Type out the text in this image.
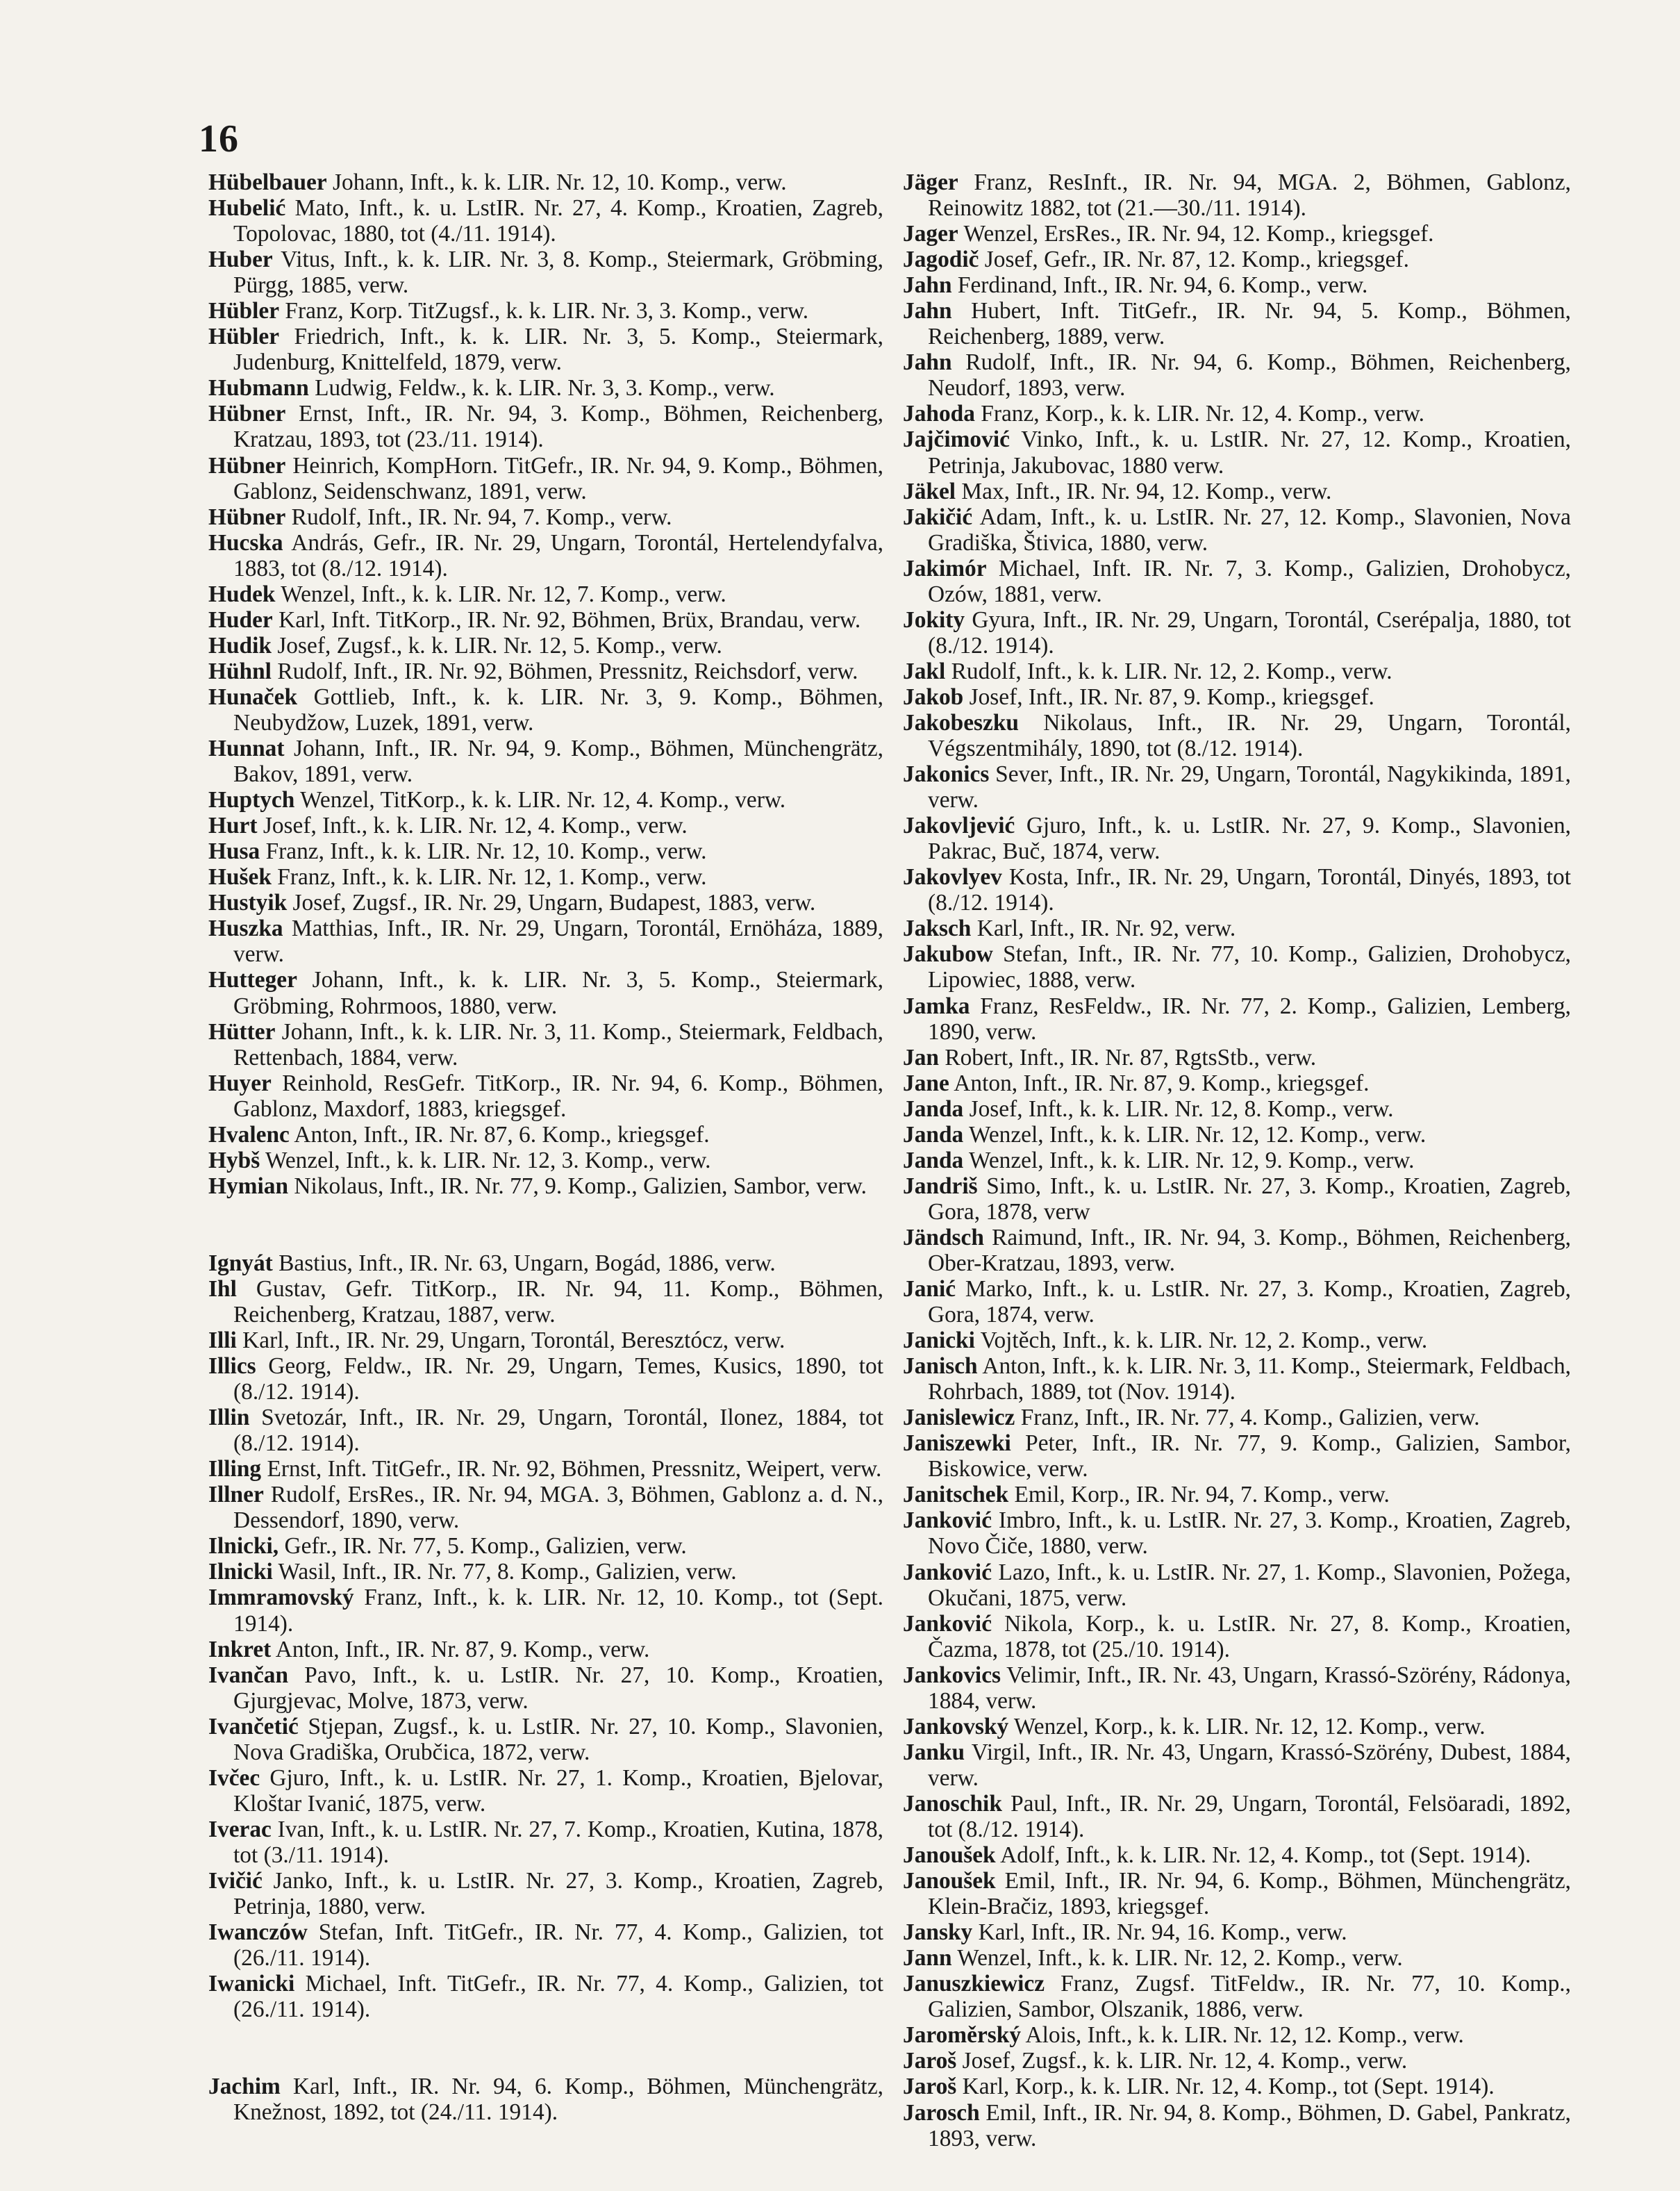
16

Hübelbauer Johann, Inft., k. k. LIR. Nr. 12, 10. Komp., verw.

Hubelić Mato, Inft., k. u. LstIR. Nr. 27, 4. Komp., Kroatien, Zagreb, Topolovac, 1880, tot (4./11. 1914).

Huber Vitus, Inft., k. k. LIR. Nr. 3, 8. Komp., Steiermark, Gröbming, Pürgg, 1885, verw.

Hübler Franz, Korp. TitZugsf., k. k. LIR. Nr. 3, 3. Komp., verw.

Hübler Friedrich, Inft., k. k. LIR. Nr. 3, 5. Komp., Steiermark, Judenburg, Knittelfeld, 1879, verw.

Hubmann Ludwig, Feldw., k. k. LIR. Nr. 3, 3. Komp., verw.

Hübner Ernst, Inft., IR. Nr. 94, 3. Komp., Böhmen, Reichenberg, Kratzau, 1893, tot (23./11. 1914).

Hübner Heinrich, KompHorn. TitGefr., IR. Nr. 94, 9. Komp., Böhmen, Gablonz, Seidenschwanz, 1891, verw.

Hübner Rudolf, Inft., IR. Nr. 94, 7. Komp., verw.

Hucska András, Gefr., IR. Nr. 29, Ungarn, Torontál, Hertelendyfalva, 1883, tot (8./12. 1914).

Hudek Wenzel, Inft., k. k. LIR. Nr. 12, 7. Komp., verw.

Huder Karl, Inft. TitKorp., IR. Nr. 92, Böhmen, Brüx, Brandau, verw.

Hudik Josef, Zugsf., k. k. LIR. Nr. 12, 5. Komp., verw.

Hühnl Rudolf, Inft., IR. Nr. 92, Böhmen, Pressnitz, Reichsdorf, verw.

Hunaček Gottlieb, Inft., k. k. LIR. Nr. 3, 9. Komp., Böhmen, Neubydžow, Luzek, 1891, verw.

Hunnat Johann, Inft., IR. Nr. 94, 9. Komp., Böhmen, Münchengrätz, Bakov, 1891, verw.

Huptych Wenzel, TitKorp., k. k. LIR. Nr. 12, 4. Komp., verw.

Hurt Josef, Inft., k. k. LIR. Nr. 12, 4. Komp., verw.

Husa Franz, Inft., k. k. LIR. Nr. 12, 10. Komp., verw.

Hušek Franz, Inft., k. k. LIR. Nr. 12, 1. Komp., verw.

Hustyik Josef, Zugsf., IR. Nr. 29, Ungarn, Budapest, 1883, verw.

Huszka Matthias, Inft., IR. Nr. 29, Ungarn, Torontál, Ernöháza, 1889, verw.

Hutteger Johann, Inft., k. k. LIR. Nr. 3, 5. Komp., Steiermark, Gröbming, Rohrmoos, 1880, verw.

Hütter Johann, Inft., k. k. LIR. Nr. 3, 11. Komp., Steiermark, Feldbach, Rettenbach, 1884, verw.

Huyer Reinhold, ResGefr. TitKorp., IR. Nr. 94, 6. Komp., Böhmen, Gablonz, Maxdorf, 1883, kriegsgef.

Hvalenc Anton, Inft., IR. Nr. 87, 6. Komp., kriegsgef.

Hybš Wenzel, Inft., k. k. LIR. Nr. 12, 3. Komp., verw.

Hymian Nikolaus, Inft., IR. Nr. 77, 9. Komp., Galizien, Sambor, verw.

Ignyát Bastius, Inft., IR. Nr. 63, Ungarn, Bogád, 1886, verw.

Ihl Gustav, Gefr. TitKorp., IR. Nr. 94, 11. Komp., Böhmen, Reichenberg, Kratzau, 1887, verw.

Illi Karl, Inft., IR. Nr. 29, Ungarn, Torontál, Beresztócz, verw.

Illics Georg, Feldw., IR. Nr. 29, Ungarn, Temes, Kusics, 1890, tot (8./12. 1914).

Illin Svetozár, Inft., IR. Nr. 29, Ungarn, Torontál, Ilonez, 1884, tot (8./12. 1914).

Illing Ernst, Inft. TitGefr., IR. Nr. 92, Böhmen, Pressnitz, Weipert, verw.

Illner Rudolf, ErsRes., IR. Nr. 94, MGA. 3, Böhmen, Gablonz a. d. N., Dessendorf, 1890, verw.

Ilnicki, Gefr., IR. Nr. 77, 5. Komp., Galizien, verw.

Ilnicki Wasil, Inft., IR. Nr. 77, 8. Komp., Galizien, verw.

Immramovský Franz, Inft., k. k. LIR. Nr. 12, 10. Komp., tot (Sept. 1914).

Inkret Anton, Inft., IR. Nr. 87, 9. Komp., verw.

Ivančan Pavo, Inft., k. u. LstIR. Nr. 27, 10. Komp., Kroatien, Gjurgjevac, Molve, 1873, verw.

Ivančetić Stjepan, Zugsf., k. u. LstIR. Nr. 27, 10. Komp., Slavonien, Nova Gradiška, Orubčica, 1872, verw.

Ivčec Gjuro, Inft., k. u. LstIR. Nr. 27, 1. Komp., Kroatien, Bjelovar, Kloštar Ivanić, 1875, verw.

Iverac Ivan, Inft., k. u. LstIR. Nr. 27, 7. Komp., Kroatien, Kutina, 1878, tot (3./11. 1914).

Ivičić Janko, Inft., k. u. LstIR. Nr. 27, 3. Komp., Kroatien, Zagreb, Petrinja, 1880, verw.

Iwanczów Stefan, Inft. TitGefr., IR. Nr. 77, 4. Komp., Galizien, tot (26./11. 1914).

Iwanicki Michael, Inft. TitGefr., IR. Nr. 77, 4. Komp., Galizien, tot (26./11. 1914).

Jachim Karl, Inft., IR. Nr. 94, 6. Komp., Böhmen, Münchengrätz, Knežnost, 1892, tot (24./11. 1914).

Jäger Franz, ResInft., IR. Nr. 94, MGA. 2, Böhmen, Gablonz, Reinowitz 1882, tot (21.—30./11. 1914).

Jager Wenzel, ErsRes., IR. Nr. 94, 12. Komp., kriegsgef.

Jagodič Josef, Gefr., IR. Nr. 87, 12. Komp., kriegsgef.

Jahn Ferdinand, Inft., IR. Nr. 94, 6. Komp., verw.

Jahn Hubert, Inft. TitGefr., IR. Nr. 94, 5. Komp., Böhmen, Reichenberg, 1889, verw.

Jahn Rudolf, Inft., IR. Nr. 94, 6. Komp., Böhmen, Reichenberg, Neudorf, 1893, verw.

Jahoda Franz, Korp., k. k. LIR. Nr. 12, 4. Komp., verw.

Jajčimović Vinko, Inft., k. u. LstIR. Nr. 27, 12. Komp., Kroatien, Petrinja, Jakubovac, 1880 verw.

Jäkel Max, Inft., IR. Nr. 94, 12. Komp., verw.

Jakičić Adam, Inft., k. u. LstIR. Nr. 27, 12. Komp., Slavonien, Nova Gradiška, Štivica, 1880, verw.

Jakimór Michael, Inft. IR. Nr. 7, 3. Komp., Galizien, Drohobycz, Ozów, 1881, verw.

Jokity Gyura, Inft., IR. Nr. 29, Ungarn, Torontál, Cserépalja, 1880, tot (8./12. 1914).

Jakl Rudolf, Inft., k. k. LIR. Nr. 12, 2. Komp., verw.

Jakob Josef, Inft., IR. Nr. 87, 9. Komp., kriegsgef.

Jakobeszku Nikolaus, Inft., IR. Nr. 29, Ungarn, Torontál, Végszentmihály, 1890, tot (8./12. 1914).

Jakonics Sever, Inft., IR. Nr. 29, Ungarn, Torontál, Nagykikinda, 1891, verw.

Jakovljević Gjuro, Inft., k. u. LstIR. Nr. 27, 9. Komp., Slavonien, Pakrac, Buč, 1874, verw.

Jakovlyev Kosta, Infr., IR. Nr. 29, Ungarn, Torontál, Dinyés, 1893, tot (8./12. 1914).

Jaksch Karl, Inft., IR. Nr. 92, verw.

Jakubow Stefan, Inft., IR. Nr. 77, 10. Komp., Galizien, Drohobycz, Lipowiec, 1888, verw.

Jamka Franz, ResFeldw., IR. Nr. 77, 2. Komp., Galizien, Lemberg, 1890, verw.

Jan Robert, Inft., IR. Nr. 87, RgtsStb., verw.

Jane Anton, Inft., IR. Nr. 87, 9. Komp., kriegsgef.

Janda Josef, Inft., k. k. LIR. Nr. 12, 8. Komp., verw.

Janda Wenzel, Inft., k. k. LIR. Nr. 12, 12. Komp., verw.

Janda Wenzel, Inft., k. k. LIR. Nr. 12, 9. Komp., verw.

Jandriš Simo, Inft., k. u. LstIR. Nr. 27, 3. Komp., Kroatien, Zagreb, Gora, 1878, verw

Jändsch Raimund, Inft., IR. Nr. 94, 3. Komp., Böhmen, Reichenberg, Ober-Kratzau, 1893, verw.

Janić Marko, Inft., k. u. LstIR. Nr. 27, 3. Komp., Kroatien, Zagreb, Gora, 1874, verw.

Janicki Vojtěch, Inft., k. k. LIR. Nr. 12, 2. Komp., verw.

Janisch Anton, Inft., k. k. LIR. Nr. 3, 11. Komp., Steiermark, Feldbach, Rohrbach, 1889, tot (Nov. 1914).

Janislewicz Franz, Inft., IR. Nr. 77, 4. Komp., Galizien, verw.

Janiszewki Peter, Inft., IR. Nr. 77, 9. Komp., Galizien, Sambor, Biskowice, verw.

Janitschek Emil, Korp., IR. Nr. 94, 7. Komp., verw.

Janković Imbro, Inft., k. u. LstIR. Nr. 27, 3. Komp., Kroatien, Zagreb, Novo Čiče, 1880, verw.

Janković Lazo, Inft., k. u. LstIR. Nr. 27, 1. Komp., Slavonien, Požega, Okučani, 1875, verw.

Janković Nikola, Korp., k. u. LstIR. Nr. 27, 8. Komp., Kroatien, Čazma, 1878, tot (25./10. 1914).

Jankovics Velimir, Inft., IR. Nr. 43, Ungarn, Krassó-Szörény, Rádonya, 1884, verw.

Jankovský Wenzel, Korp., k. k. LIR. Nr. 12, 12. Komp., verw.

Janku Virgil, Inft., IR. Nr. 43, Ungarn, Krassó-Szörény, Dubest, 1884, verw.

Janoschik Paul, Inft., IR. Nr. 29, Ungarn, Torontál, Felsöaradi, 1892, tot (8./12. 1914).

Janoušek Adolf, Inft., k. k. LIR. Nr. 12, 4. Komp., tot (Sept. 1914).

Janoušek Emil, Inft., IR. Nr. 94, 6. Komp., Böhmen, Münchengrätz, Klein-Bračiz, 1893, kriegsgef.

Jansky Karl, Inft., IR. Nr. 94, 16. Komp., verw.

Jann Wenzel, Inft., k. k. LIR. Nr. 12, 2. Komp., verw.

Januszkiewicz Franz, Zugsf. TitFeldw., IR. Nr. 77, 10. Komp., Galizien, Sambor, Olszanik, 1886, verw.

Jaroměrský Alois, Inft., k. k. LIR. Nr. 12, 12. Komp., verw.

Jaroš Josef, Zugsf., k. k. LIR. Nr. 12, 4. Komp., verw.

Jaroš Karl, Korp., k. k. LIR. Nr. 12, 4. Komp., tot (Sept. 1914).

Jarosch Emil, Inft., IR. Nr. 94, 8. Komp., Böhmen, D. Gabel, Pankratz, 1893, verw.
